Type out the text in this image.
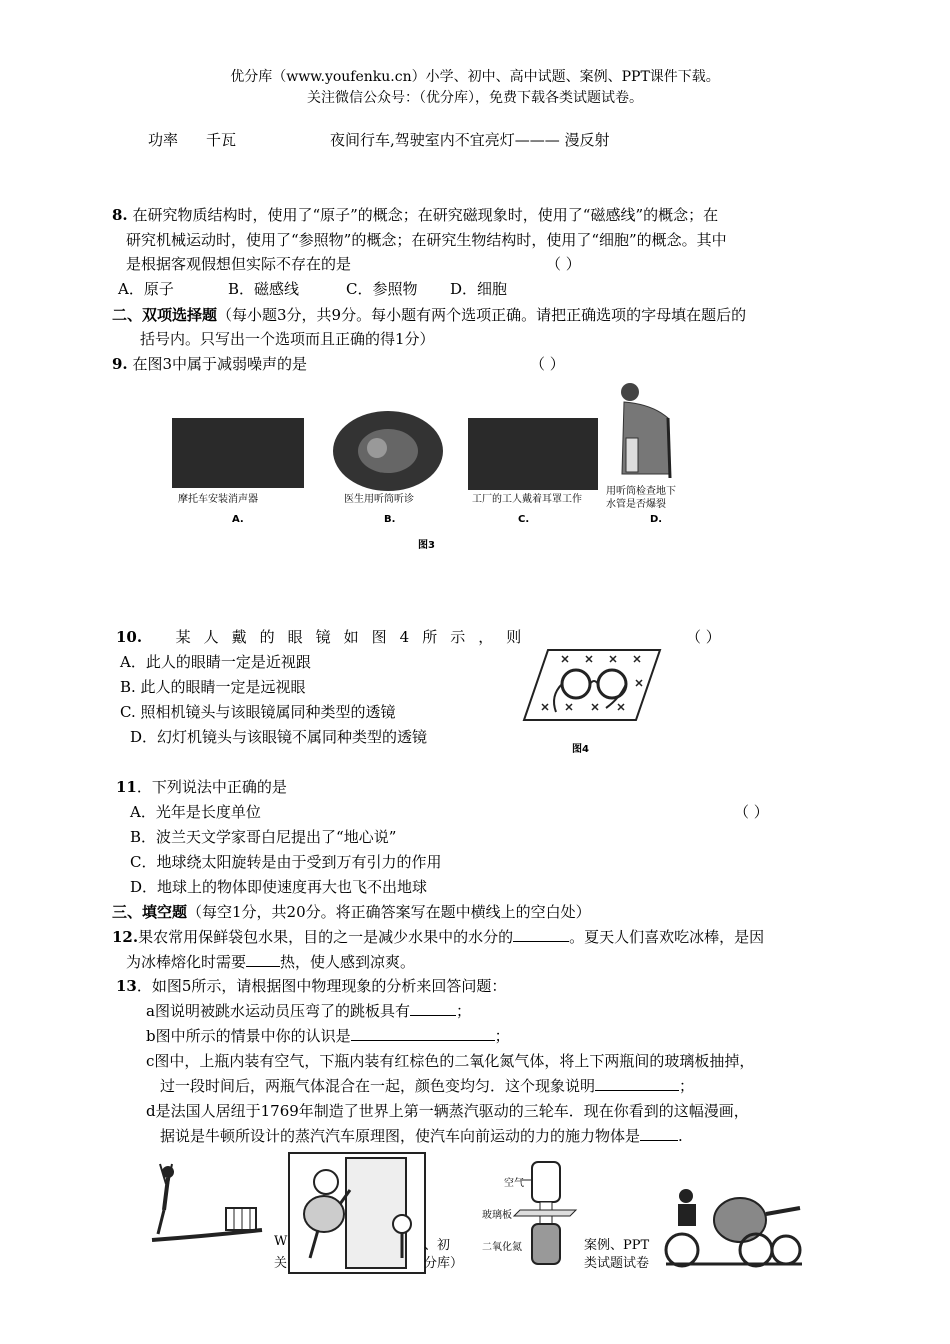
优分库（www.youfenku.cn）小学、初中、高中试题、案例、PPT课件下载。
关注微信公众号：（优分库），免费下载各类试题试卷。
功率 千瓦	夜间行车,驾驶室内不宜亮灯——— 漫反射
8. 在研究物质结构时，使用了“原子”的概念；在研究磁现象时，使用了“磁感线”的概念；在
研究机械运动时，使用了“参照物”的概念；在研究生物结构时，使用了“细胞”的概念。其中
是根据客观假想但实际不存在的是	（ ）
A．原子	B．磁感线	C．参照物 D．细胞
二、双项选择题（每小题3分，共9分。每小题有两个选项正确。请把正确选项的字母填在题后的
括号内。只写出一个选项而且正确的得1分）
9. 在图3中属于减弱噪声的是	（ ）
摩托车安装消声器	医生用听筒听诊	工厂的工人戴着耳罩工作
用听筒检查地下
水管是否爆裂
A.	B.	C.	D.
图3
10. 某人戴的眼镜如图4所示，则	（ ）
A．此人的眼睛一定是近视跟
B. 此人的眼睛一定是远视眼
C. 照相机镜头与该眼镜属同种类型的透镜
D．幻灯机镜头与该眼镜不属同种类型的透镜
图4
11．下列说法中正确的是
A．光年是长度单位	（ ）
B．波兰天文学家哥白尼提出了“地心说”
C．地球绕太阳旋转是由于受到万有引力的作用
D．地球上的物体即使速度再大也飞不出地球
三、填空题（每空1分，共20分。将正确答案写在题中横线上的空白处）
12.果农常用保鲜袋包水果，目的之一是减少水果中的水分的	。夏天人们喜欢吃冰棒，是因
为冰棒熔化时需要 热，使人感到凉爽。
13．如图5所示，请根据图中物理现象的分析来回答问题：
a图说明被跳水运动员压弯了的跳板具有	；
b图中所示的情景中你的认识是	；
c图中，上瓶内装有空气，下瓶内装有红棕色的二氧化氮气体，将上下两瓶间的玻璃板抽掉，
过一段时间后，两瓶气体混合在一起，颜色变均匀．这个现象说明	；
d是法国人居纽于1769年制造了世界上第一辆蒸汽驱动的三轮车．现在你看到的这幅漫画，
据说是牛顿所设计的蒸汽汽车原理图，使汽车向前运动的力的施力物体是	.
空气
玻璃板
二氧化氮
W
关
、初
分库）
案例、PPT
类试题试卷
